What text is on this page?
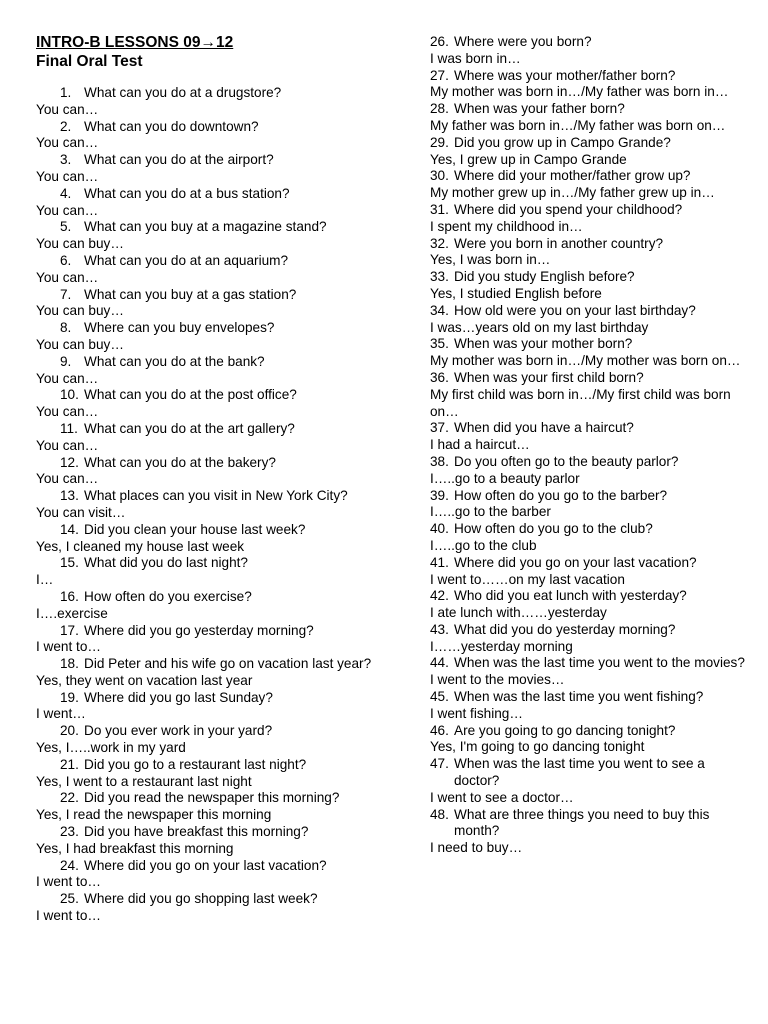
INTRO-B LESSONS 09→12

Final Oral Test

1. What can you do at a drugstore?
You can…
2. What can you do downtown?
You can…
3. What can you do at the airport?
You can…
4. What can you do at a bus station?
You can…
5. What can you buy at a magazine stand?
You can buy…
6. What can you do at an aquarium?
You can…
7. What can you buy at a gas station?
You can buy…
8. Where can you buy envelopes?
You can buy…
9. What can you do at the bank?
You can…
10. What can you do at the post office?
You can…
11. What can you do at the art gallery?
You can…
12. What can you do at the bakery?
You can…
13. What places can you visit in New York City?
You can visit…
14. Did you clean your house last week?
Yes, I cleaned my house last week
15. What did you do last night?
I…
16. How often do you exercise?
I….exercise
17. Where did you go yesterday morning?
I went to…
18. Did Peter and his wife go on vacation last year?
Yes, they went on vacation last year
19. Where did you go last Sunday?
I went…
20. Do you ever work in your yard?
Yes, I…..work in my yard
21. Did you go to a restaurant last night?
Yes, I went to a restaurant last night
22. Did you read the newspaper this morning?
Yes, I read the newspaper this morning
23. Did you have breakfast this morning?
Yes, I had breakfast this morning
24. Where did you go on your last vacation?
I went to…
25. Where did you go shopping last week?
I went to…
26. Where were you born?
I was born in…
27. Where was your mother/father born?
My mother was born in…/My father was born in…
28. When was your father born?
My father was born in…/My father was born on…
29. Did you grow up in Campo Grande?
Yes, I grew up in Campo Grande
30. Where did your mother/father grow up?
My mother grew up in…/My father grew up in…
31. Where did you spend your childhood?
I spent my childhood in…
32. Were you born in another country?
Yes, I was born in…
33. Did you study English before?
Yes, I studied English before
34. How old were you on your last birthday?
I was…years old on my last birthday
35. When was your mother born?
My mother was born in…/My mother was born on…
36. When was your first child born?
My first child was born in…/My first child was born on…
37. When did you have a haircut?
I had a haircut…
38. Do you often go to the beauty parlor?
I…..go to a beauty parlor
39. How often do you go to the barber?
I…..go to the barber
40. How often do you go to the club?
I…..go to the club
41. Where did you go on your last vacation?
I went to……on my last vacation
42. Who did you eat lunch with yesterday?
I ate lunch with……yesterday
43. What did you do yesterday morning?
I……yesterday morning
44. When was the last time you went to the movies?
I went to the movies…
45. When was the last time you went fishing?
I went fishing…
46. Are you going to go dancing tonight?
Yes, I'm going to go dancing tonight
47. When was the last time you went to see a doctor?
I went to see a doctor…
48. What are three things you need to buy this month?
I need to buy…
